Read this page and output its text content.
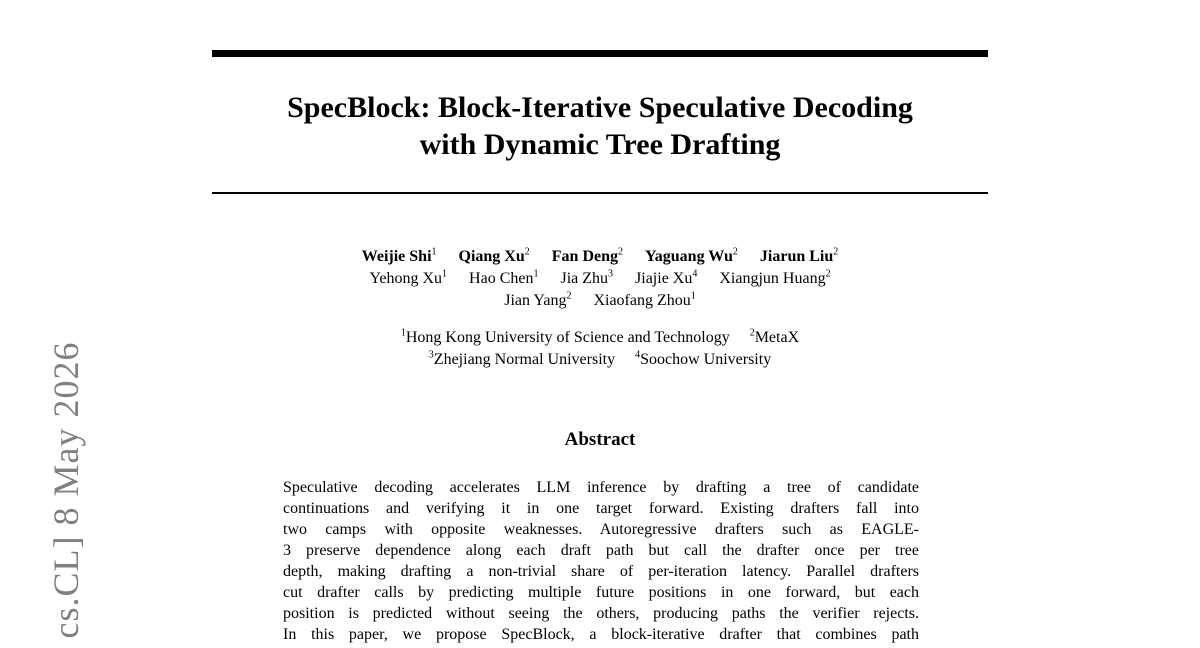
SpecBlock: Block-Iterative Speculative Decoding
with Dynamic Tree Drafting
Weijie Shi$^1$ Qiang Xu$^2$ Fan Deng$^2$ Yaguang Wu$^2$ Jiarun Liu$^2$
Yehong Xu$^1$ Hao Chen$^1$ Jia Zhu$^3$ Jiajie Xu$^4$ Xiangjun Huang$^2$
Jian Yang$^2$ Xiaofang Zhou$^1$
$^1$Hong Kong University of Science and Technology $^2$MetaX
$^3$Zhejiang Normal University $^4$Soochow University
Abstract
Speculative decoding accelerates LLM inference by drafting a tree of candidate
continuations and verifying it in one target forward. Existing drafters fall into
two camps with opposite weaknesses. Autoregressive drafters such as EAGLE-
3 preserve dependence along each draft path but call the drafter once per tree
depth, making drafting a non-trivial share of per-iteration latency. Parallel drafters
cut drafter calls by predicting multiple future positions in one forward, but each
position is predicted without seeing the others, producing paths the verifier rejects.
In this paper, we propose SpecBlock, a block-iterative drafter that combines path
cs.CL] 8 May 2026
